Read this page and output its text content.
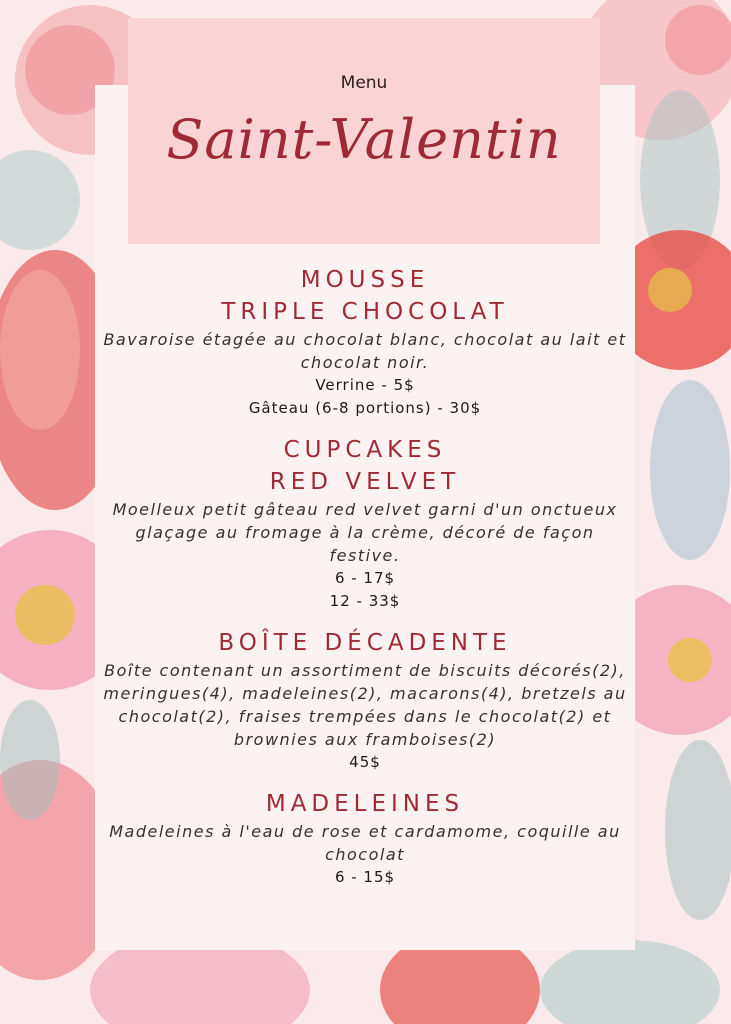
Menu
Saint-Valentin
MOUSSE
TRIPLE CHOCOLAT

Bavaroise étagée au chocolat blanc, chocolat au lait et chocolat noir.

Verrine - 5$

Gâteau (6-8 portions) - 30$

CUPCAKES
RED VELVET

Moelleux petit gâteau red velvet garni d'un onctueux glaçage au fromage à la crème, décoré de façon festive.

6 - 17$

12 - 33$

BOÎTE DÉCADENTE

Boîte contenant un assortiment de biscuits décorés(2), meringues(4), madeleines(2), macarons(4), bretzels au chocolat(2), fraises trempées dans le chocolat(2) et brownies aux framboises(2)

45$

MADELEINES

Madeleines à l'eau de rose et cardamome, coquille au chocolat

6 - 15$
